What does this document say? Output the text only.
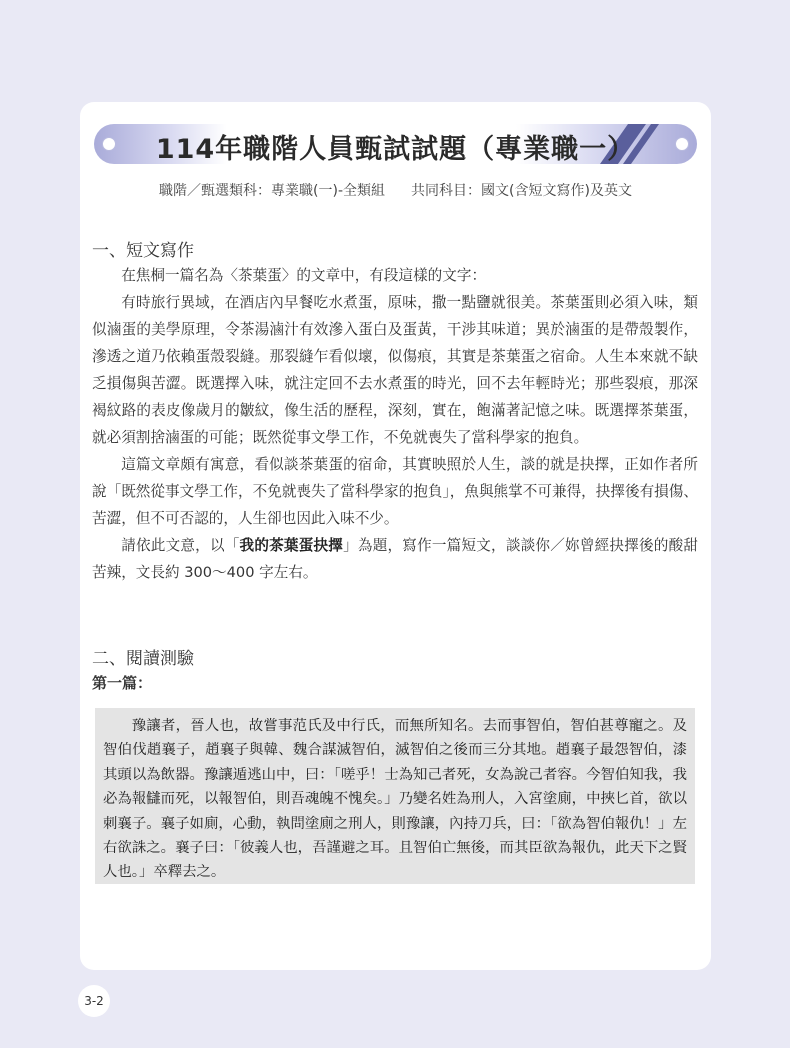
114年職階人員甄試試題（專業職一）
職階／甄選類科：專業職(一)-全類組 共同科目：國文(含短文寫作)及英文
一、短文寫作

在焦桐一篇名為〈茶葉蛋〉的文章中，有段這樣的文字：

有時旅行異域，在酒店內早餐吃水煮蛋，原味，撒一點鹽就很美。茶葉蛋則必須入味，類似滷蛋的美學原理，令茶湯滷汁有效滲入蛋白及蛋黃，干涉其味道；異於滷蛋的是帶殼製作，滲透之道乃依賴蛋殼裂縫。那裂縫乍看似壞，似傷痕，其實是茶葉蛋之宿命。人生本來就不缺乏損傷與苦澀。既選擇入味，就注定回不去水煮蛋的時光，回不去年輕時光；那些裂痕，那深褐紋路的表皮像歲月的皺紋，像生活的歷程，深刻，實在，飽滿著記憶之味。既選擇茶葉蛋，就必須割捨滷蛋的可能；既然從事文學工作，不免就喪失了當科學家的抱負。

這篇文章頗有寓意，看似談茶葉蛋的宿命，其實映照於人生，談的就是抉擇，正如作者所說「既然從事文學工作，不免就喪失了當科學家的抱負」，魚與熊掌不可兼得，抉擇後有損傷、苦澀，但不可否認的，人生卻也因此入味不少。

請依此文意，以「我的茶葉蛋抉擇」為題，寫作一篇短文，談談你／妳曾經抉擇後的酸甜苦辣，文長約 300～400 字左右。

二、閱讀測驗
第一篇：

豫讓者，晉人也，故嘗事范氏及中行氏，而無所知名。去而事智伯，智伯甚尊寵之。及智伯伐趙襄子，趙襄子與韓、魏合謀滅智伯，滅智伯之後而三分其地。趙襄子最怨智伯，漆其頭以為飲器。豫讓遁逃山中，曰：「嗟乎！士為知己者死，女為說己者容。今智伯知我，我必為報讎而死，以報智伯，則吾魂魄不愧矣。」乃變名姓為刑人，入宮塗廁，中挾匕首，欲以刺襄子。襄子如廁，心動，執問塗廁之刑人，則豫讓，內持刀兵，曰：「欲為智伯報仇！」左右欲誅之。襄子曰：「彼義人也，吾謹避之耳。且智伯亡無後，而其臣欲為報仇，此天下之賢人也。」卒釋去之。

3-2
